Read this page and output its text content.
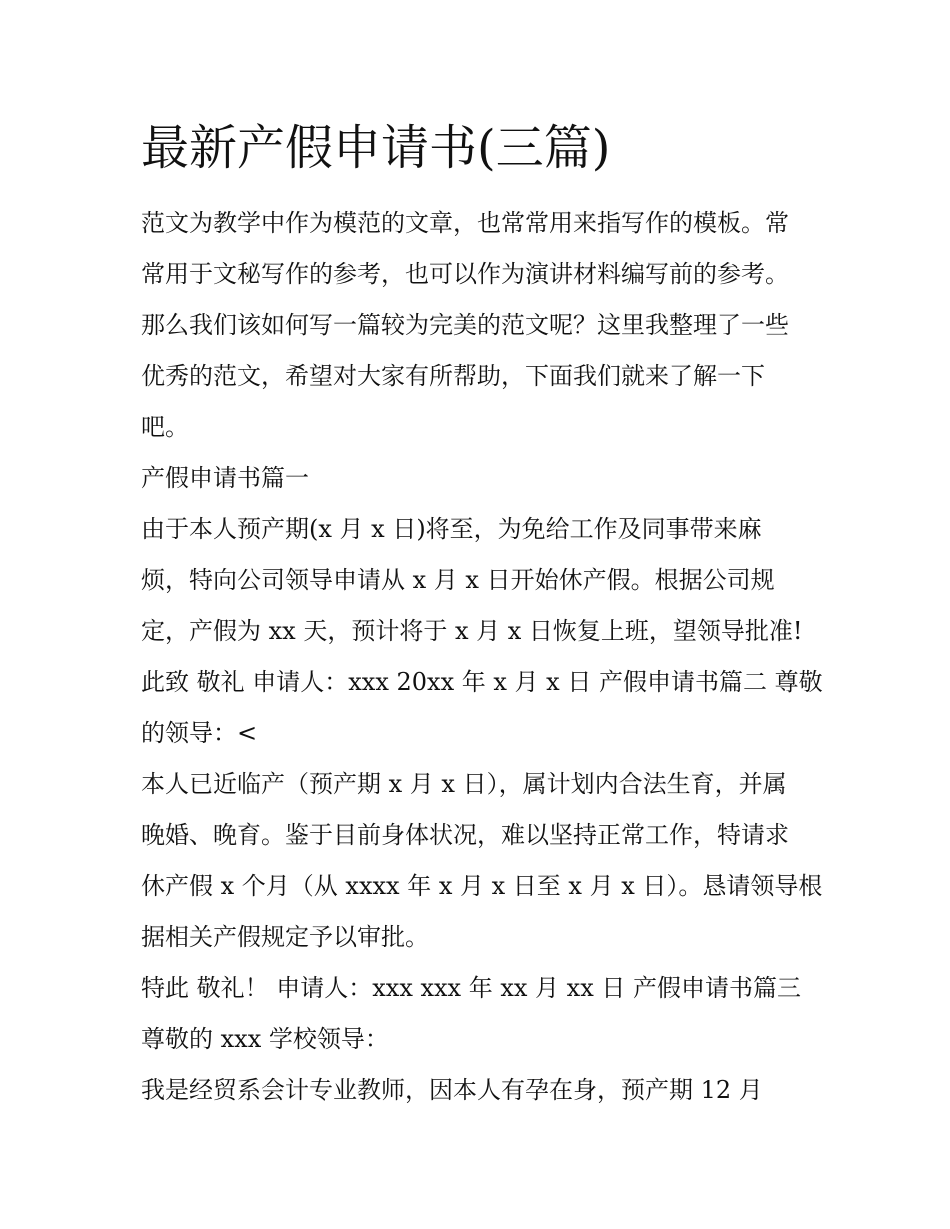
最新产假申请书(三篇)
范文为教学中作为模范的文章，也常常用来指写作的模板。常
常用于文秘写作的参考，也可以作为演讲材料编写前的参考。
那么我们该如何写一篇较为完美的范文呢？这里我整理了一些
优秀的范文，希望对大家有所帮助，下面我们就来了解一下
吧。
产假申请书篇一
由于本人预产期(x 月 x 日)将至，为免给工作及同事带来麻
烦，特向公司领导申请从 x 月 x 日开始休产假。根据公司规
定，产假为 xx 天，预计将于 x 月 x 日恢复上班，望领导批准!
此致 敬礼 申请人：xxx 20xx 年 x 月 x 日 产假申请书篇二 尊敬
的领导：<
本人已近临产（预产期 x 月 x 日），属计划内合法生育，并属
晚婚、晚育。鉴于目前身体状况，难以坚持正常工作，特请求
休产假 x 个月（从 xxxx 年 x 月 x 日至 x 月 x 日）。恳请领导根
据相关产假规定予以审批。
特此 敬礼！ 申请人：xxx xxx 年 xx 月 xx 日 产假申请书篇三
尊敬的 xxx 学校领导：
我是经贸系会计专业教师，因本人有孕在身，预产期 12 月
